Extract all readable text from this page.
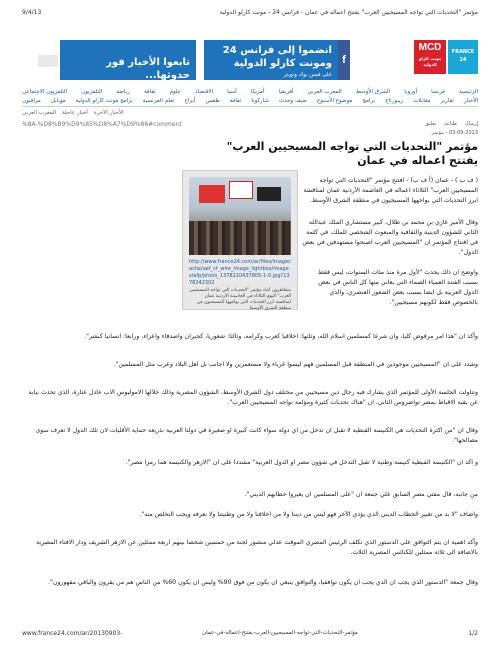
9/4/13	مؤتمر "التحديات التي تواجه المسيحيين العرب" يفتتح اعماله في عمان - فرانس 24 - مونت كارلو الدولية
FRANCE 24
MCD
مونت كارلو الدولية
f
انضموا إلى فرانس 24 ومونت كارلو الدولية
على فيس بوك وتويتر
علقوا على الأخبار عبر فيس بوك
تابعوا الأخبار فور حدوثها...
الرئيسية
فرنسا
أوروبا
الشرق الأوسط
المغرب العربي
أفريقيا
أمريكا
آسيا
الاقتصاد
علوم
ثقافة
رياضة
التلفزيون
التلفزيون الاجتماعي
الأخبار
تقارير
مقابلات
ريبورتاج
برامج
موضوع الأسبوع
ضيف وحدث
شاركونا
ثقافة
طقس
أبراج
تعلم الفرنسية
برامج مونت كارلو الدولية
موبايل
مراقبون
الأخبار الآخرة
أخبار عاجلة
المغرب العربي
%8A-%D8%B9%D9%85%D8%A7%D9%86#comment	إرسال
طباعة
تعليق
03-09-2013 - مؤتمر
مؤتمر "التحديات التي تواجه المسيحيين العرب" يفتتح اعماله في عمان
http://www.france24.com/ar/files/imagecache/aef_ct_wire_image_lightbox/images/afp/photo_1378210437805-1-0.jpg?1378242302
متظاهرون أثناء مؤتمر "التحديات التي تواجه المسيحيين العرب" اليوم الثلاثاء في العاصمة الأردنية عمان لمناقشة ابرز التحديات التي يواجهها المسيحيون في منطقة الشرق الأوسط
( ف ب ) - عمان (أ ف ب) - افتتح مؤتمر "التحديات التي تواجه المسيحيين العرب" الثلاثاء اعماله في العاصمة الأردنية عمان لمناقشة ابرز التحديات التي يواجهها المسيحيون في منطقة الشرق الأوسط.
وقال الأمير غازي بن محمد بن طلال، كبير مستشاري الملك عبدالله الثاني للشؤون الدينية والثقافية والمبعوث الشخصي للملك، في كلمة في افتتاح المؤتمر ان "المسيحيين العرب اصبحوا مستهدفين في بعض الدول".
واوضح ان ذلك يحدث "لأول مرة منذ مئات السنوات، ليس فقط بسبب الفتنة العمياء الصماء التي يعاني منها كل الناس في بعض الدول العربية بل ايضا بسبب بعض الشعور العنصري، والذي بالخصوص فقط لكونهم مسيحيين".
وأكد ان "هذا امر مرفوض كليا، وان شرعا كمسلمين اسلام الله، وثلثها: اخلاقيا كعرب وكرامه، وثالثا: شعوريا، كجيران واصدقاء واعزاء، ورابعا: انسانيا كبشر".
وشدد على ان "المسيحيين موجودين في المنطقة قبل المسلمين فهم ليسوا غرباء ولا مستعمرين ولا اجانب بل اهل البلاد وعرب مثل المسلمين".
وتناولت الجلسة الأولى للمؤتمر الذي يشارك فيه رجال دين مسيحيين من مختلف دول الشرق الأوسط، الشؤون المصرية وذلك خلالها الاموليوس الاب عادل عنارة، الذي تحدث نيابة عن بقية الاقباط بمصر تواضروس الثاني، ان "هناك تحديات كثيرة ومؤلمة تواجه المسيحيين العرب".
وقال ان "من اكثرة التحديات هي الكنيسة القبطية لا تقبل ان تدخل من اي دولة سواء كانت كبيرة او صغيرة في دولنا العربية بذريعة حماية الأقليات لان تلك الدول لا تعرف سوى مصالحها".
و اكد ان "الكنيسة القبطية كنيسة وطنية لا تقبل التدخل في شؤون مصر او الدول العربية" مشددا على ان "الازهر والكنيسة هما رمزا مصر".
من جانبه، قال مفتي مصر السابق علي جمعة ان "على المسلمين ان يغيروا خطابهم الديني".
واضاف "لا بد من تغيير الخطاب الديني الذي يؤذي الآخر فهو ليس من ديننا ولا من اخلاقنا ولا من وطنيتنا ولا نعرفه ويجب التخلص منه".
وأكد اهمية ان يتم التوافق على الدستور الذي تكلف الرئيس المصري الموقت عدلي منصور لجنة من خمسين شخصا بينهم اربعة ممثلين عن الازهر الشريف ودار الافتاء المصرية بالاضافة الى ثلاثة ممثلين للكنائس المصرية الثلاث.
وقال جمعة "الدستور الذي يجب ان الدي يجب ان يكون توافقيا، والتوافق ينبغي ان يكون من فوق 90% وليس ان يكون 60% من الناس هم من يقرون والباقي مقهورون".
www.france24.com/ar/20130903-	مؤتمر-التحديات-التي-تواجه-المسيحيين-العرب-يفتتح-اعماله-في-عمان	1/2
